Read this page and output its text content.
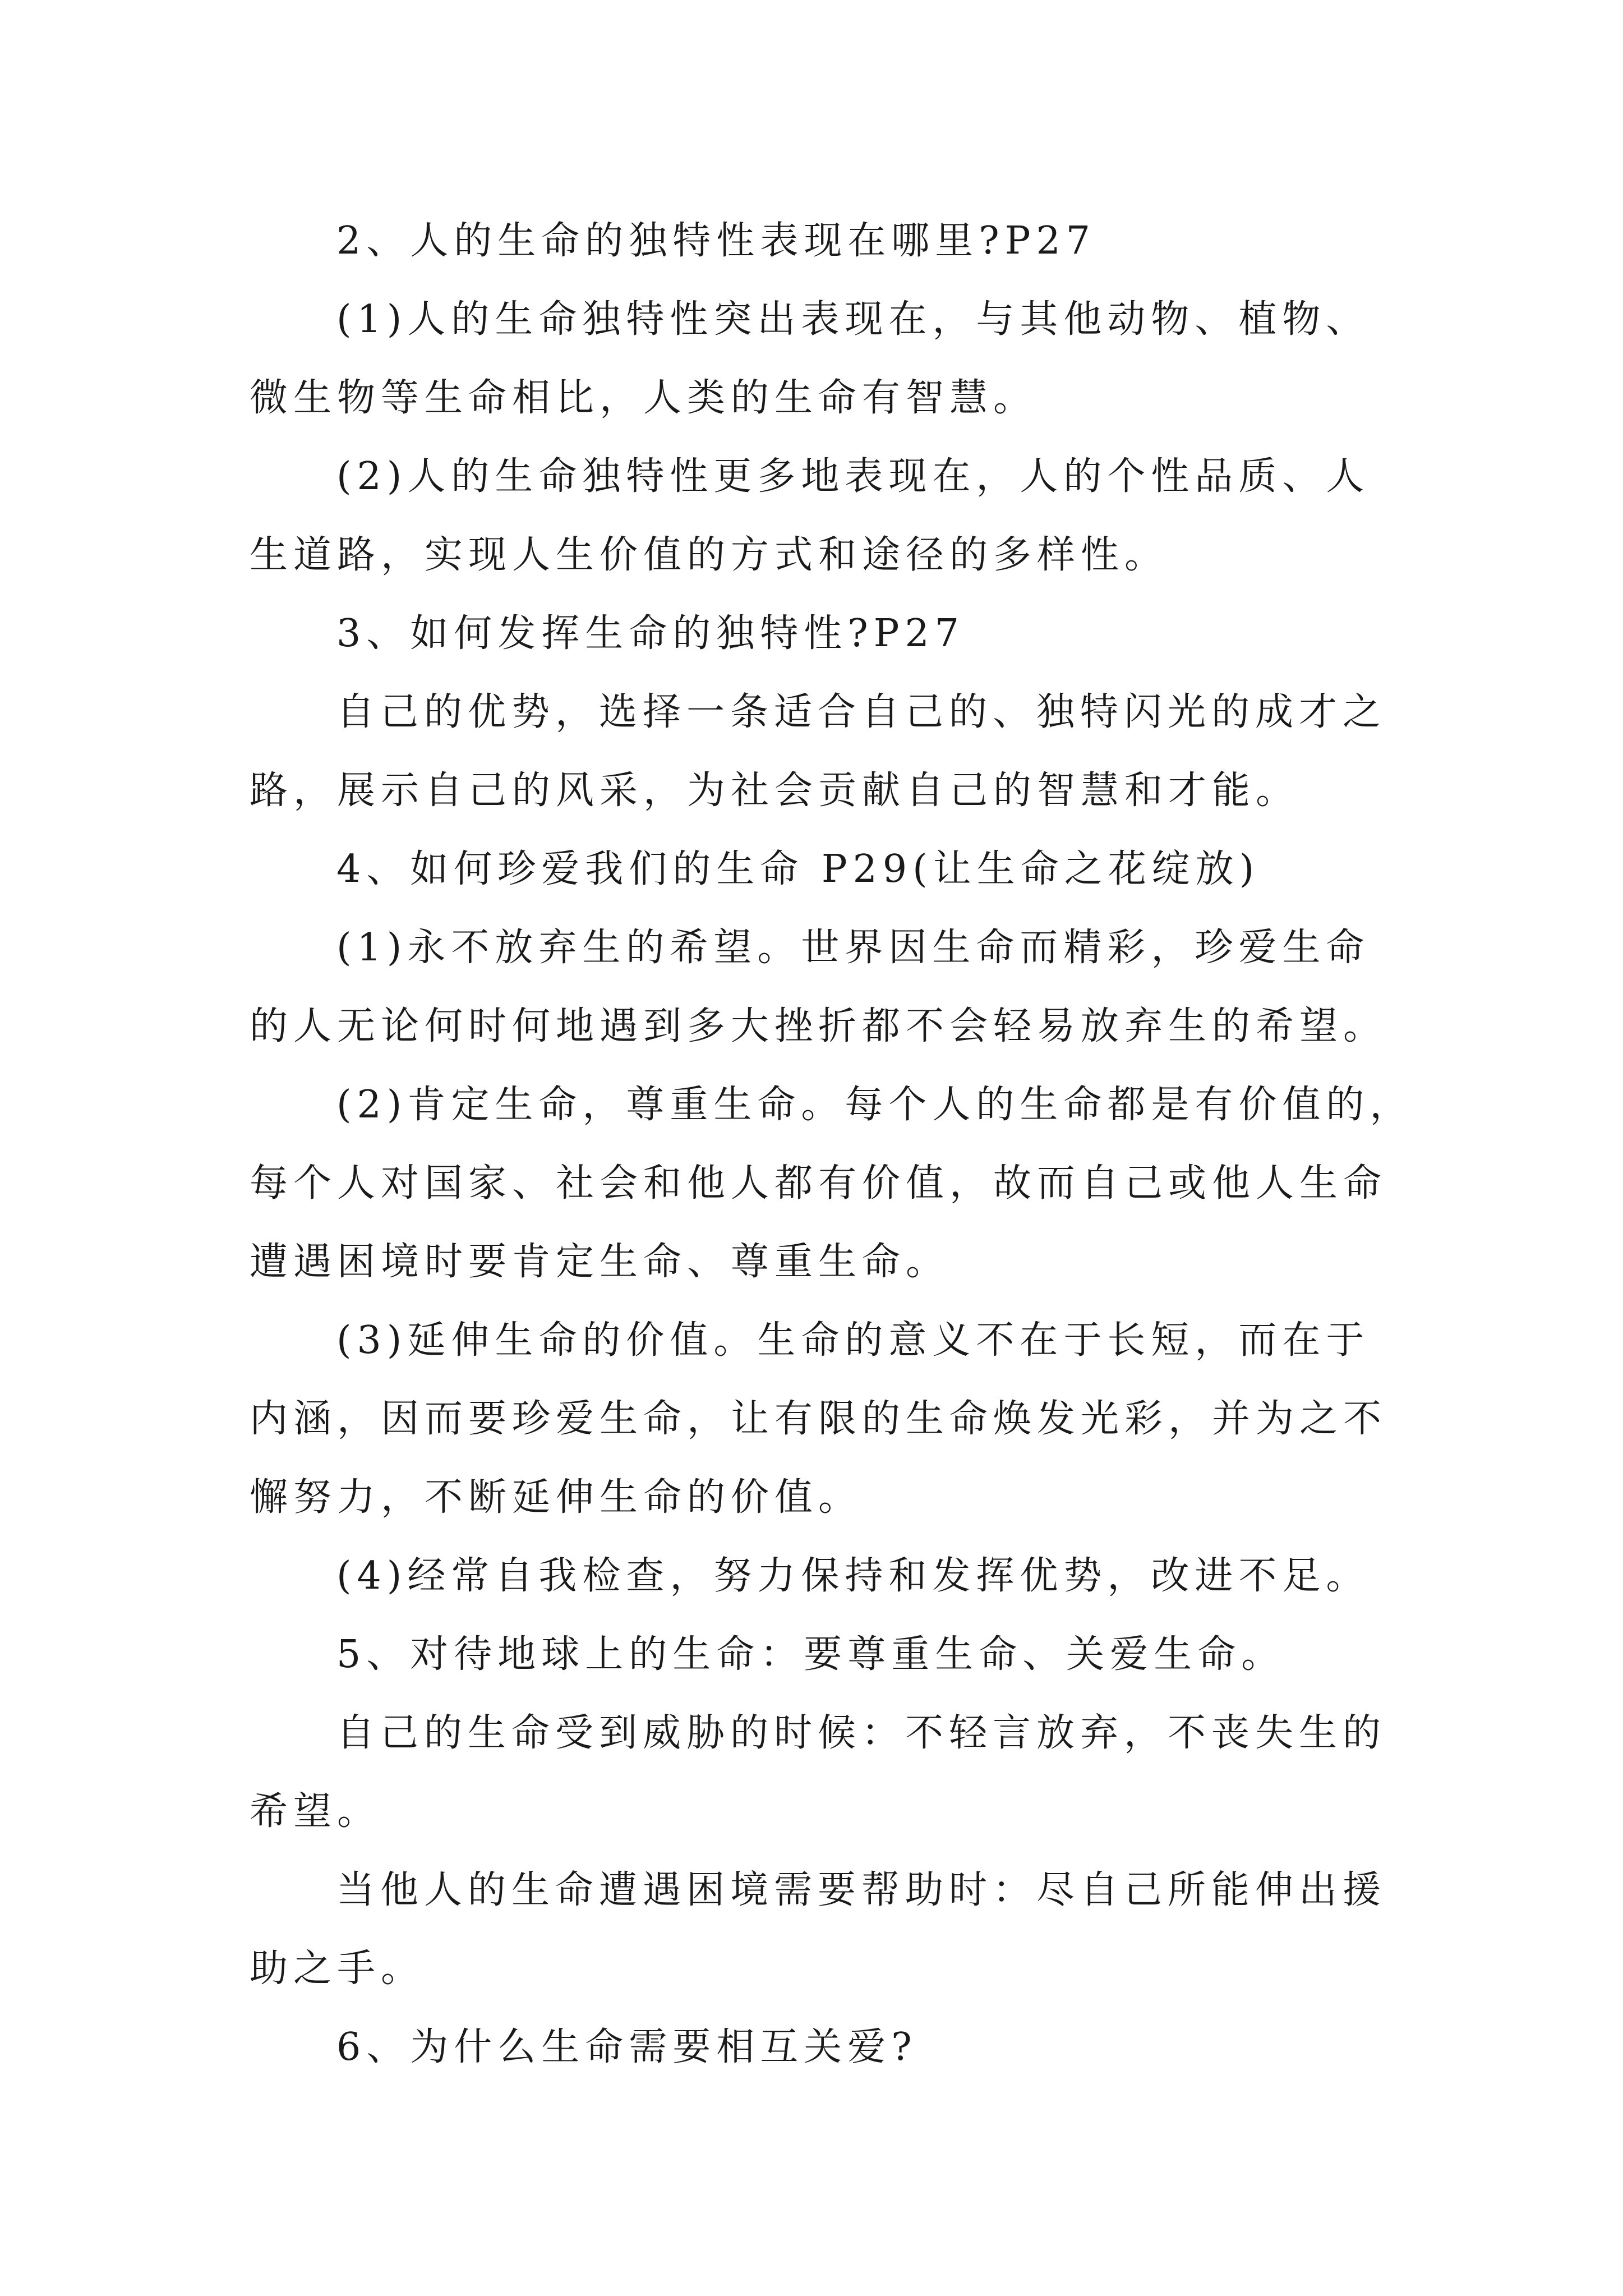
2、人的生命的独特性表现在哪里?P27
(1)人的生命独特性突出表现在，与其他动物、植物、
微生物等生命相比，人类的生命有智慧。
(2)人的生命独特性更多地表现在，人的个性品质、人
生道路，实现人生价值的方式和途径的多样性。
3、如何发挥生命的独特性?P27
自己的优势，选择一条适合自己的、独特闪光的成才之
路，展示自己的风采，为社会贡献自己的智慧和才能。
4、如何珍爱我们的生命 P29(让生命之花绽放)
(1)永不放弃生的希望。世界因生命而精彩，珍爱生命
的人无论何时何地遇到多大挫折都不会轻易放弃生的希望。
(2)肯定生命，尊重生命。每个人的生命都是有价值的，
每个人对国家、社会和他人都有价值，故而自己或他人生命
遭遇困境时要肯定生命、尊重生命。
(3)延伸生命的价值。生命的意义不在于长短，而在于
内涵，因而要珍爱生命，让有限的生命焕发光彩，并为之不
懈努力，不断延伸生命的价值。
(4)经常自我检查，努力保持和发挥优势，改进不足。
5、对待地球上的生命：要尊重生命、关爱生命。
自己的生命受到威胁的时候：不轻言放弃，不丧失生的
希望。
当他人的生命遭遇困境需要帮助时：尽自己所能伸出援
助之手。
6、为什么生命需要相互关爱?
